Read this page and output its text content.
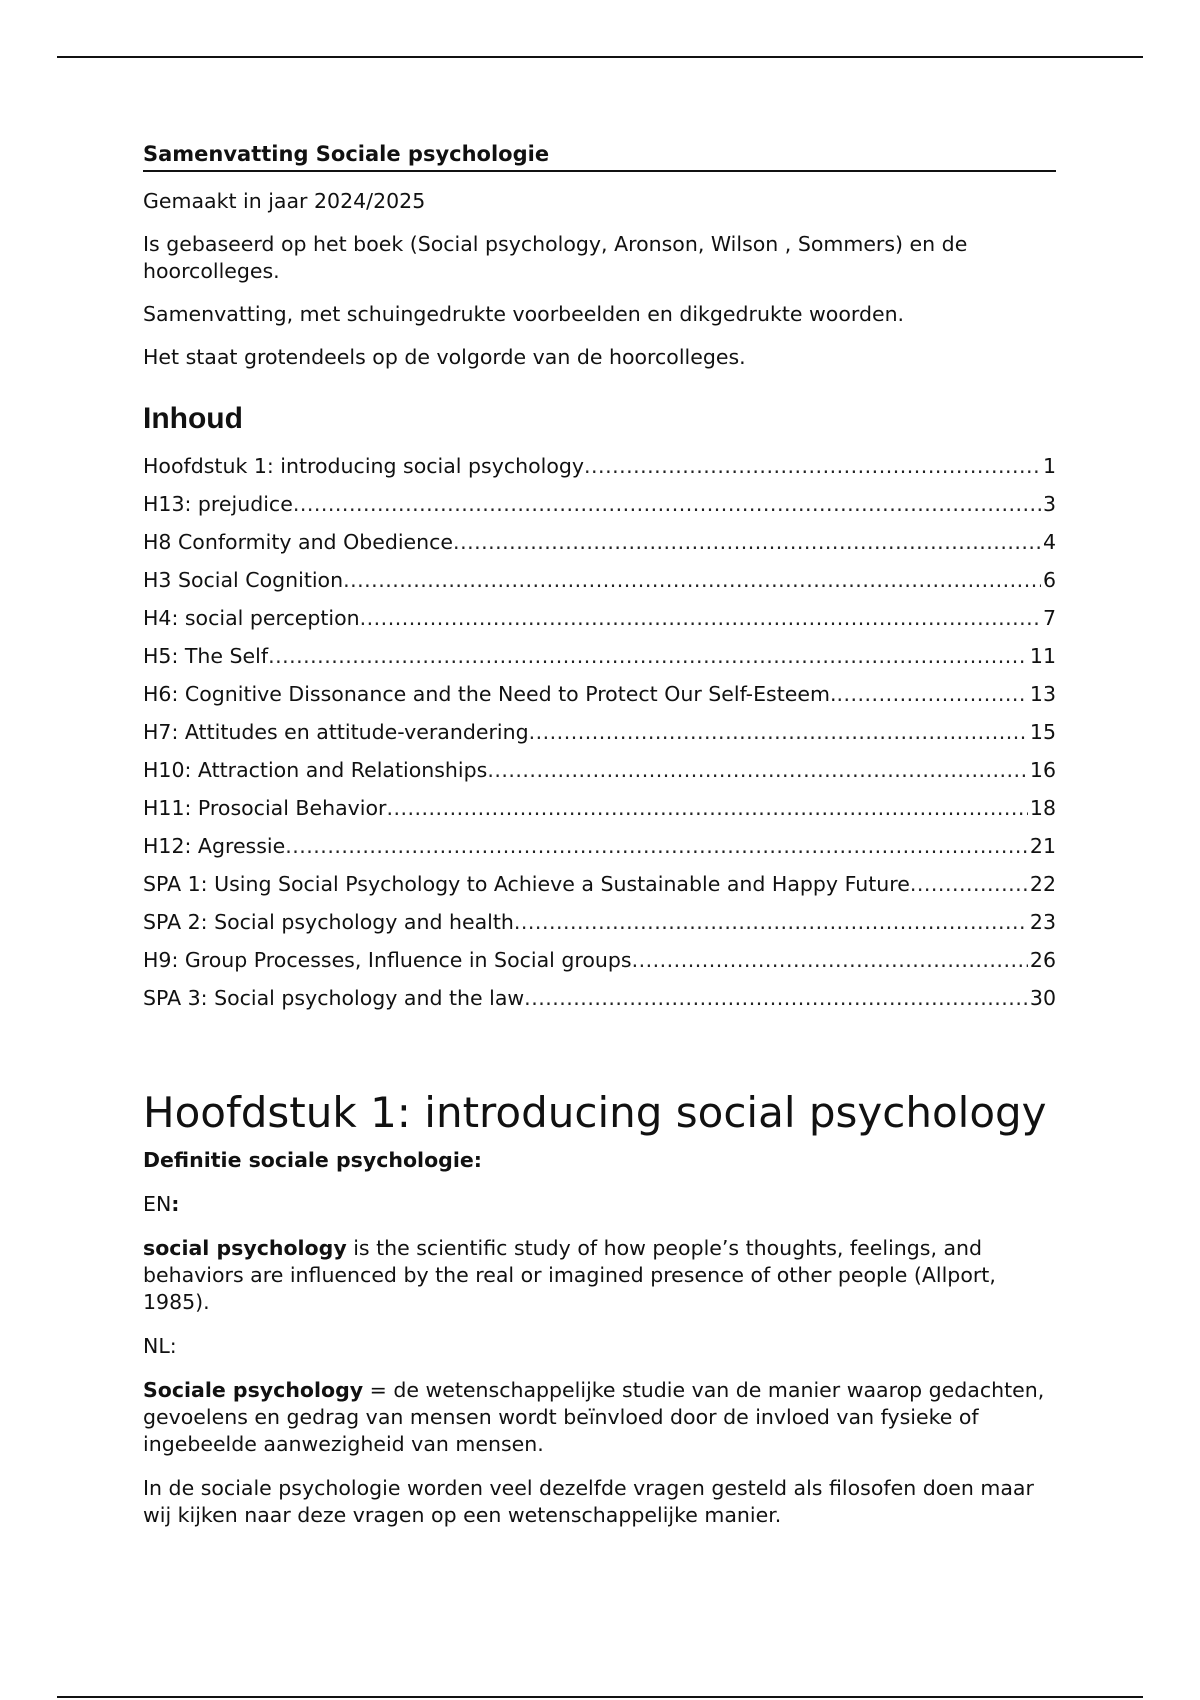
Samenvatting Sociale psychologie

Gemaakt in jaar 2024/2025

Is gebaseerd op het boek (Social psychology, Aronson, Wilson , Sommers) en de hoorcolleges.

Samenvatting, met schuingedrukte voorbeelden en dikgedrukte woorden.

Het staat grotendeels op de volgorde van de hoorcolleges.

Inhoud
Hoofdstuk 1: introducing social psychology .....	1
H13: prejudice .....	3
H8 Conformity and Obedience .....	4
H3 Social Cognition .....	6
H4: social perception .....	7
H5: The Self .....	11
H6: Cognitive Dissonance and the Need to Protect Our Self-Esteem. .....	13
H7: Attitudes en attitude-verandering .....	15
H10: Attraction and Relationships .....	16
H11: Prosocial Behavior .....	18
H12: Agressie .....	21
SPA 1: Using Social Psychology to Achieve a Sustainable and Happy Future .....	22
SPA 2: Social psychology and health .....	23
H9: Group Processes, Influence in Social groups .....	26
SPA 3: Social psychology and the law .....	30
Hoofdstuk 1: introducing social psychology

Definitie sociale psychologie:

EN:

social psychology is the scientific study of how people’s thoughts, feelings, and behaviors are influenced by the real or imagined presence of other people (Allport, 1985).

NL:

Sociale psychology = de wetenschappelijke studie van de manier waarop gedachten, gevoelens en gedrag van mensen wordt beïnvloed door de invloed van fysieke of ingebeelde aanwezigheid van mensen.

In de sociale psychologie worden veel dezelfde vragen gesteld als filosofen doen maar wij kijken naar deze vragen op een wetenschappelijke manier.
